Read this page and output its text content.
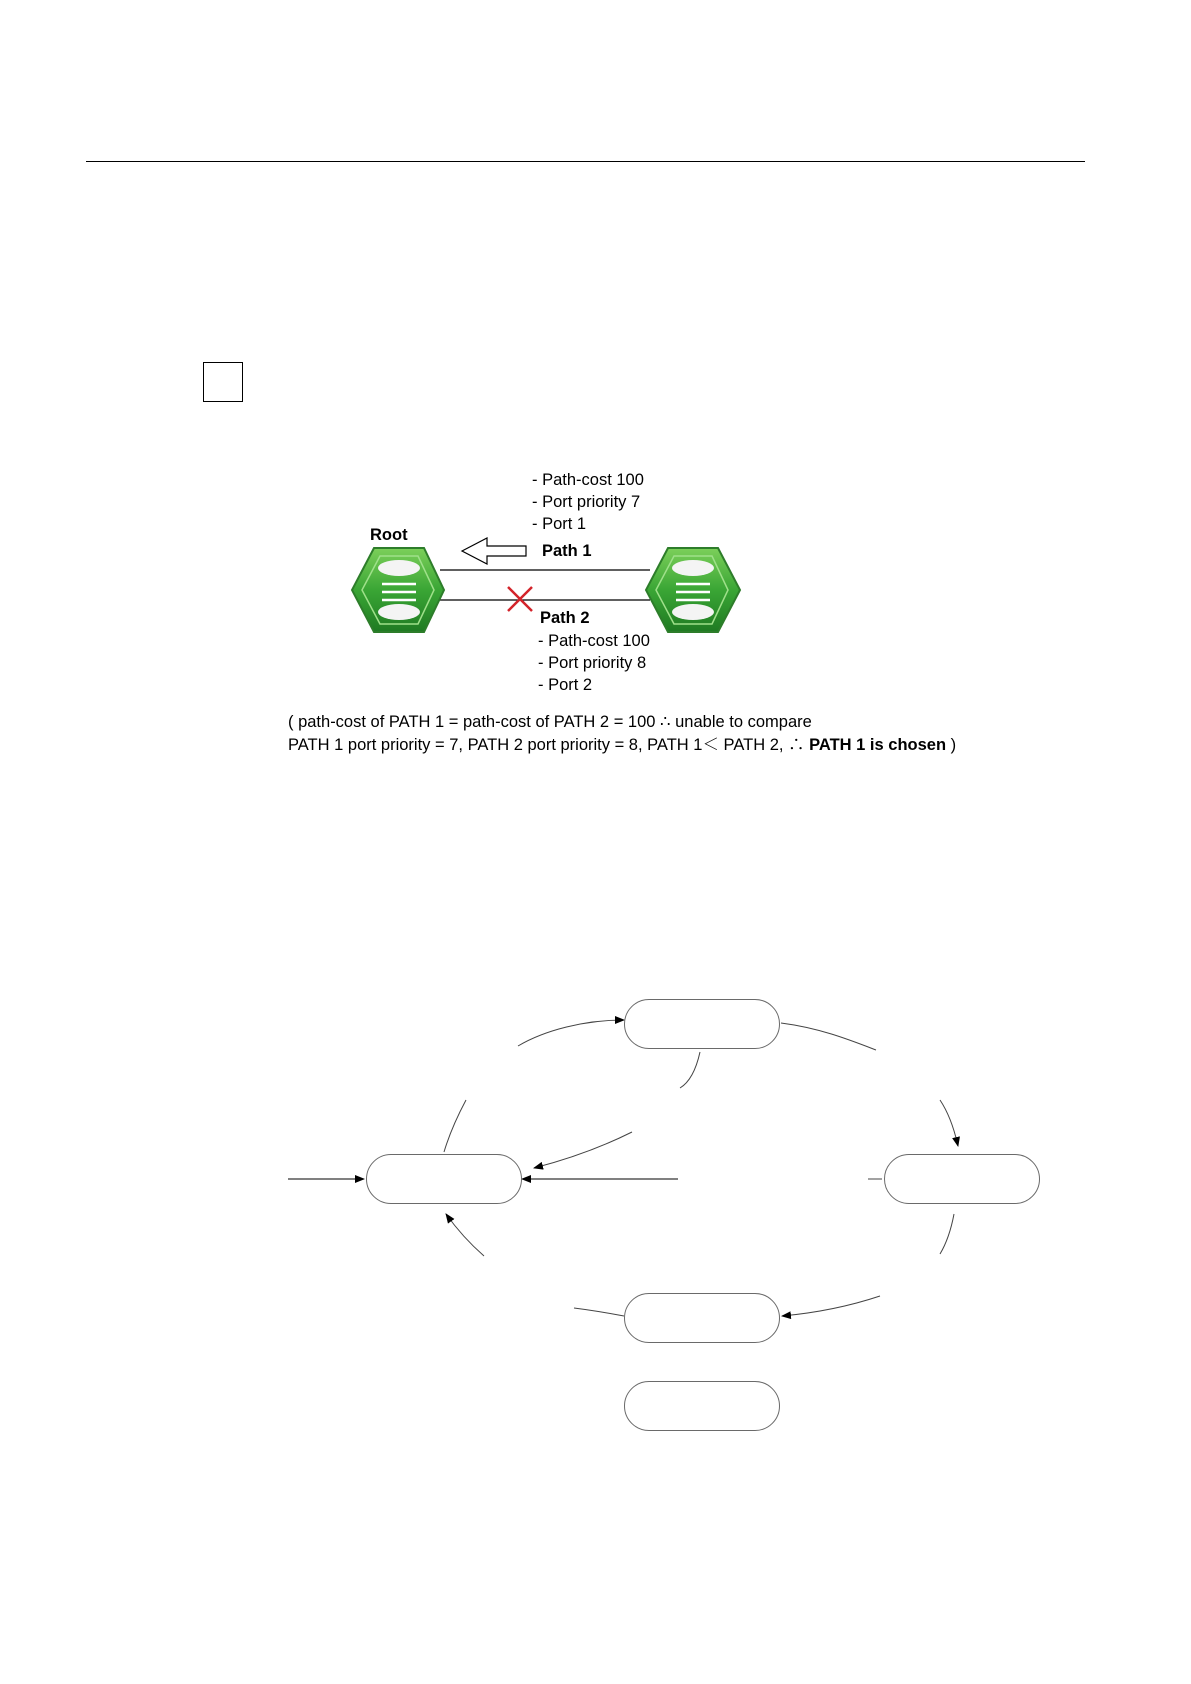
- Path-cost 100
- Port priority 7
- Port 1
Root
Path 1
Path 2
- Path-cost 100
- Port priority 8
- Port 2
( path-cost of PATH 1 = path-cost of PATH 2 = 100 ∴ unable to compare
PATH 1 port priority = 7, PATH 2 port priority = 8, PATH 1＜ PATH 2, ∴ PATH 1 is chosen )
